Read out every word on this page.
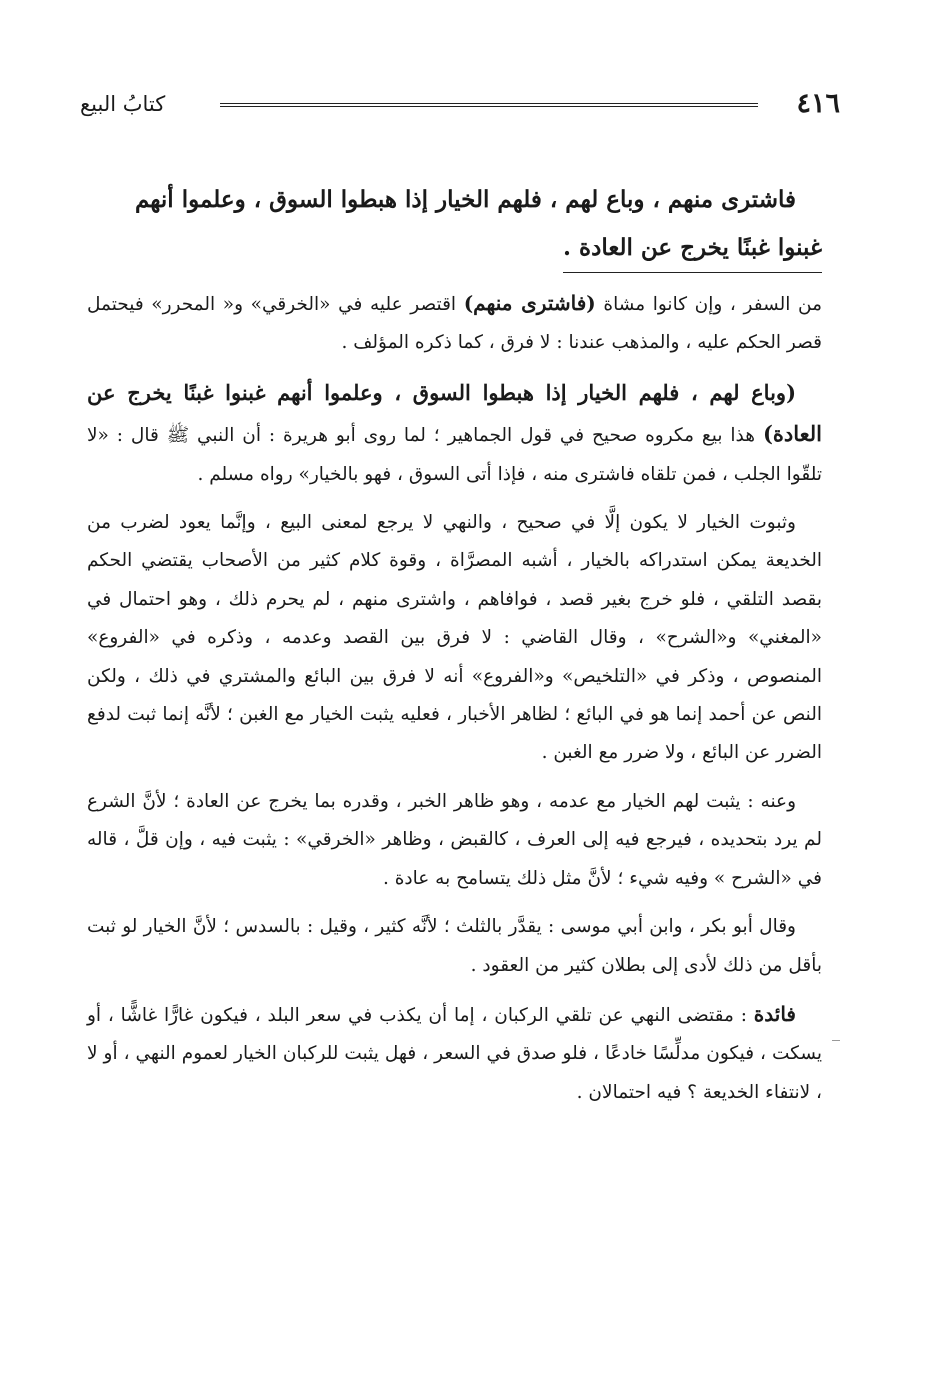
٤١٦
كتابُ البيع
فاشترى منهم ، وباع لهم ، فلهم الخيار إذا هبطوا السوق ، وعلموا أنهم
غبنوا غبنًا يخرج عن العادة .

من السفر ، وإن كانوا مشاة (فاشترى منهم) اقتصر عليه في «الخرقي» و« المحرر» فيحتمل قصر الحكم عليه ، والمذهب عندنا : لا فرق ، كما ذكره المؤلف .

(وباع لهم ، فلهم الخيار إذا هبطوا السوق ، وعلموا أنهم غبنوا غبنًا يخرج عن العادة) هذا بيع مكروه صحيح في قول الجماهير ؛ لما روى أبو هريرة : أن النبي ﷺ قال : «لا تلقّوا الجلب ، فمن تلقاه فاشترى منه ، فإذا أتى السوق ، فهو بالخيار» رواه مسلم .

وثبوت الخيار لا يكون إلَّا في صحيح ، والنهي لا يرجع لمعنى البيع ، وإنَّما يعود لضرب من الخديعة يمكن استدراكه بالخيار ، أشبه المصرَّاة ، وقوة كلام كثير من الأصحاب يقتضي الحكم بقصد التلقي ، فلو خرج بغير قصد ، فوافاهم ، واشترى منهم ، لم يحرم ذلك ، وهو احتمال في «المغني» و«الشرح» ، وقال القاضي : لا فرق بين القصد وعدمه ، وذكره في «الفروع» المنصوص ، وذكر في «التلخيص» و«الفروع» أنه لا فرق بين البائع والمشتري في ذلك ، ولكن النص عن أحمد إنما هو في البائع ؛ لظاهر الأخبار ، فعليه يثبت الخيار مع الغبن ؛ لأنَّه إنما ثبت لدفع الضرر عن البائع ، ولا ضرر مع الغبن .

وعنه : يثبت لهم الخيار مع عدمه ، وهو ظاهر الخبر ، وقدره بما يخرج عن العادة ؛ لأنَّ الشرع لم يرد بتحديده ، فيرجع فيه إلى العرف ، كالقبض ، وظاهر «الخرقي» : يثبت فيه ، وإن قلَّ ، قاله في «الشرح » وفيه شيء ؛ لأنَّ مثل ذلك يتسامح به عادة .

وقال أبو بكر ، وابن أبي موسى : يقدَّر بالثلث ؛ لأنَّه كثير ، وقيل : بالسدس ؛ لأنَّ الخيار لو ثبت بأقل من ذلك لأدى إلى بطلان كثير من العقود .

فائدة : مقتضى النهي عن تلقي الركبان ، إما أن يكذب في سعر البلد ، فيكون غارًّا غاشًّا ، أو يسكت ، فيكون مدلِّسًا خادعًا ، فلو صدق في السعر ، فهل يثبت للركبان الخيار لعموم النهي ، أو لا ، لانتفاء الخديعة ؟ فيه احتمالان .
